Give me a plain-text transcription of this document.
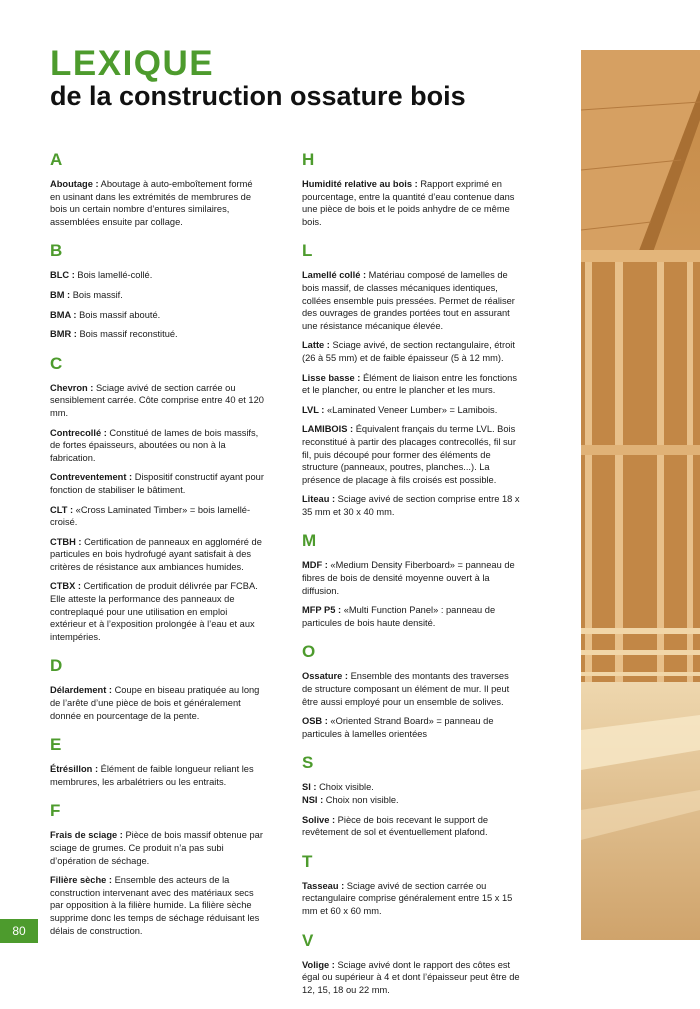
LEXIQUE
de la construction ossature bois
A

Aboutage : Aboutage à auto-emboîtement formé en usinant dans les extrémités de membrures de bois un certain nombre d’entures similaires, assemblées ensuite par collage.

B

BLC : Bois lamellé-collé.

BM : Bois massif.

BMA : Bois massif abouté.

BMR : Bois massif reconstitué.

C

Chevron : Sciage avivé de section carrée ou sensiblement carrée. Côte comprise entre 40 et 120 mm.

Contrecollé : Constitué de lames de bois massifs, de fortes épaisseurs, aboutées ou non à la fabrication.

Contreventement : Dispositif constructif ayant pour fonction de stabiliser le bâtiment.

CLT : «Cross Laminated Timber» = bois lamellé-croisé.

CTBH : Certification de panneaux en aggloméré de particules en bois hydrofugé ayant satisfait à des critères de résistance aux ambiances humides.

CTBX : Certification de produit délivrée par FCBA. Elle atteste la performance des panneaux de contreplaqué pour une utilisation en emploi extérieur et à l’exposition prolongée à l’eau et aux intempéries.

D

Délardement : Coupe en biseau pratiquée au long de l’arête d’une pièce de bois et généralement donnée en pourcentage de la pente.

E

Étrésillon : Élément de faible longueur reliant les membrures, les arbalétriers ou les entraits.

F

Frais de sciage : Pièce de bois massif obtenue par sciage de grumes. Ce produit n’a pas subi d’opération de séchage.

Filière sèche : Ensemble des acteurs de la construction intervenant avec des matériaux secs par opposition à la filière humide. La filière sèche supprime donc les temps de séchage réduisant les délais de construction.

H

Humidité relative au bois : Rapport exprimé en pourcentage, entre la quantité d’eau contenue dans une pièce de bois et le poids anhydre de ce même bois.

L

Lamellé collé : Matériau composé de lamelles de bois massif, de classes mécaniques identiques, collées ensemble puis pressées. Permet de réaliser des ouvrages de grandes portées tout en assurant une résistance mécanique élevée.

Latte : Sciage avivé, de section rectangulaire, étroit (26 à 55 mm) et de faible épaisseur (5 à 12 mm).

Lisse basse : Élément de liaison entre les fonctions et le plancher, ou entre le plancher et les murs.

LVL : «Laminated Veneer Lumber» = Lamibois.

LAMIBOIS : Équivalent français du terme LVL. Bois reconstitué à partir des placages contrecollés, fil sur fil, puis découpé pour former des éléments de structure (panneaux, poutres, planches...). La présence de placage à fils croisés est possible.

Liteau : Sciage avivé de section comprise entre 18 x 35 mm et 30 x 40 mm.

M

MDF : «Medium Density Fiberboard» = panneau de fibres de bois de densité moyenne ouvert à la diffusion.

MFP P5 : «Multi Function Panel» : panneau de particules de bois haute densité.

O

Ossature : Ensemble des montants des traverses de structure composant un élément de mur. Il peut être aussi employé pour un ensemble de solives.

OSB : «Oriented Strand Board» = panneau de particules à lamelles orientées

S

SI : Choix visible.

NSI : Choix non visible.

Solive : Pièce de bois recevant le support de revêtement de sol et éventuellement plafond.

T

Tasseau : Sciage avivé de section carrée ou rectangulaire comprise généralement entre 15 x 15 mm et 60 x 60 mm.

V

Volige : Sciage avivé dont le rapport des côtes est égal ou supérieur à 4 et dont l’épaisseur peut être de 12, 15, 18 ou 22 mm.

80
